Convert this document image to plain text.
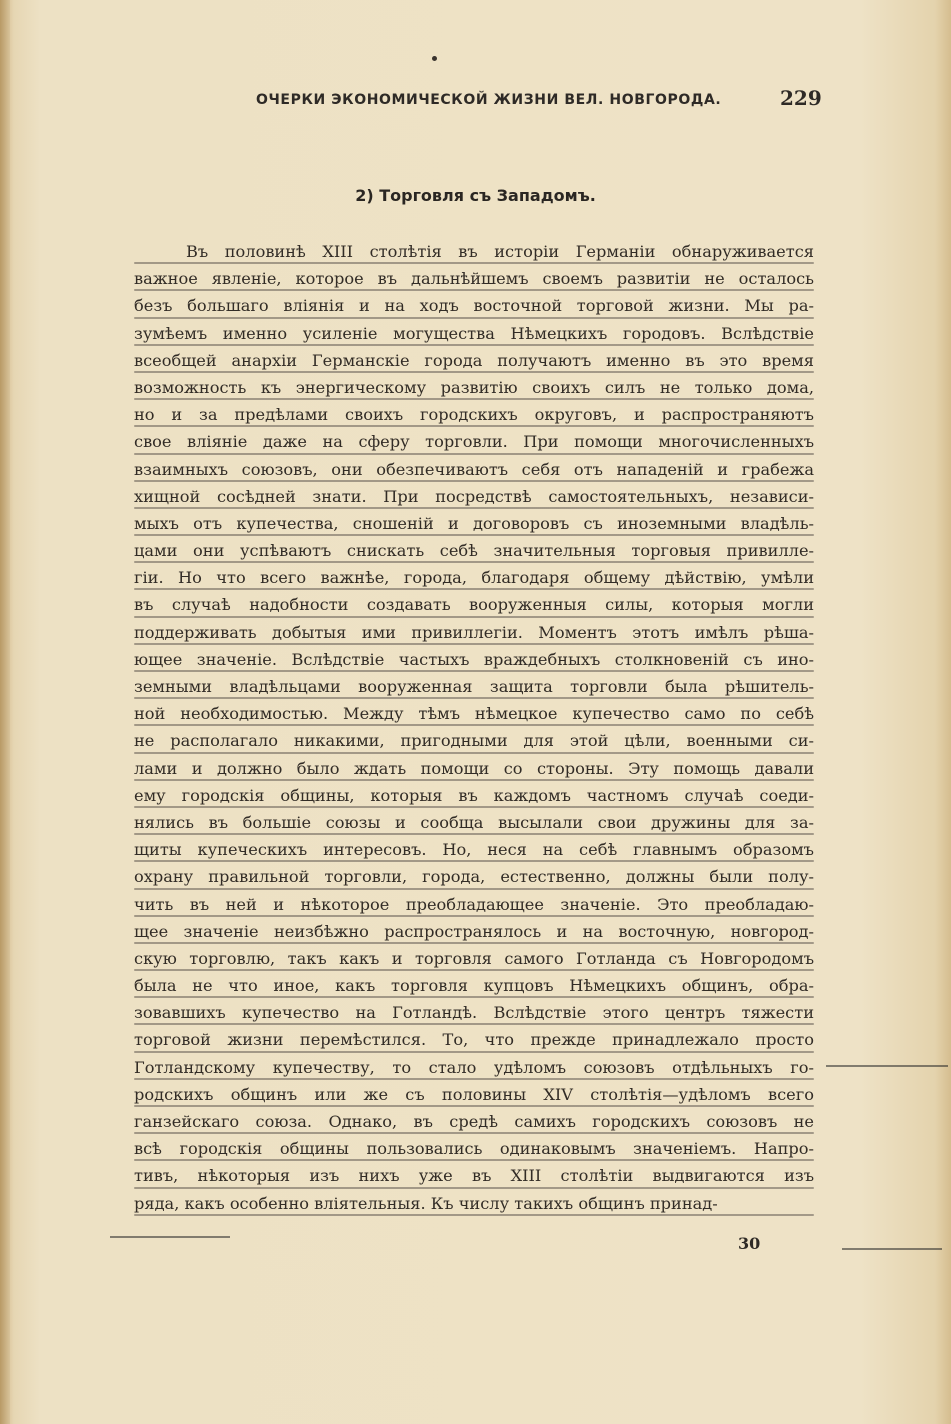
ОЧЕРКИ ЭКОНОМИЧЕСКОЙ ЖИЗНИ ВЕЛ. НОВГОРОДА.	229
2) Торговля съ Западомъ.
Въ половинѣ XIII столѣтія въ исторіи Германіи обнаруживается
важное явленіе, которое въ дальнѣйшемъ своемъ развитіи не осталось
безъ большаго вліянія и на ходъ восточной торговой жизни. Мы ра-
зумѣемъ именно усиленіе могущества Нѣмецкихъ городовъ. Вслѣдствіе
всеобщей анархіи Германскіе города получаютъ именно въ это время
возможность къ энергическому развитію своихъ силъ не только дома,
но и за предѣлами своихъ городскихъ округовъ, и распространяютъ
свое вліяніе даже на сферу торговли. При помощи многочисленныхъ
взаимныхъ союзовъ, они обезпечиваютъ себя отъ нападеній и грабежа
хищной сосѣдней знати. При посредствѣ самостоятельныхъ, независи-
мыхъ отъ купечества, сношеній и договоровъ съ иноземными владѣль-
цами они успѣваютъ снискать себѣ значительныя торговыя привилле-
гіи. Но что всего важнѣе, города, благодаря общему дѣйствію, умѣли
въ случаѣ надобности создавать вооруженныя силы, которыя могли
поддерживать добытыя ими привиллегіи. Моментъ этотъ имѣлъ рѣша-
ющее значеніе. Вслѣдствіе частыхъ враждебныхъ столкновеній съ ино-
земными владѣльцами вооруженная защита торговли была рѣшитель-
ной необходимостью. Между тѣмъ нѣмецкое купечество само по себѣ
не располагало никакими, пригодными для этой цѣли, военными си-
лами и должно было ждать помощи со стороны. Эту помощь давали
ему городскія общины, которыя въ каждомъ частномъ случаѣ соеди-
нялись въ большіе союзы и сообща высылали свои дружины для за-
щиты купеческихъ интересовъ. Но, неся на себѣ главнымъ образомъ
охрану правильной торговли, города, естественно, должны были полу-
чить въ ней и нѣкоторое преобладающее значеніе. Это преобладаю-
щее значеніе неизбѣжно распространялось и на восточную, новгород-
скую торговлю, такъ какъ и торговля самого Готланда съ Новгородомъ
была не что иное, какъ торговля купцовъ Нѣмецкихъ общинъ, обра-
зовавшихъ купечество на Готландѣ. Вслѣдствіе этого центръ тяжести
торговой жизни перемѣстился. То, что прежде принадлежало просто
Готландскому купечеству, то стало удѣломъ союзовъ отдѣльныхъ го-
родскихъ общинъ или же съ половины XIV столѣтія—удѣломъ всего
ганзейскаго союза. Однако, въ средѣ самихъ городскихъ союзовъ не
всѣ городскія общины пользовались одинаковымъ значеніемъ. Напро-
тивъ, нѣкоторыя изъ нихъ уже въ XIII столѣтіи выдвигаются изъ
ряда, какъ особенно вліятельныя. Къ числу такихъ общинъ принад-
30
